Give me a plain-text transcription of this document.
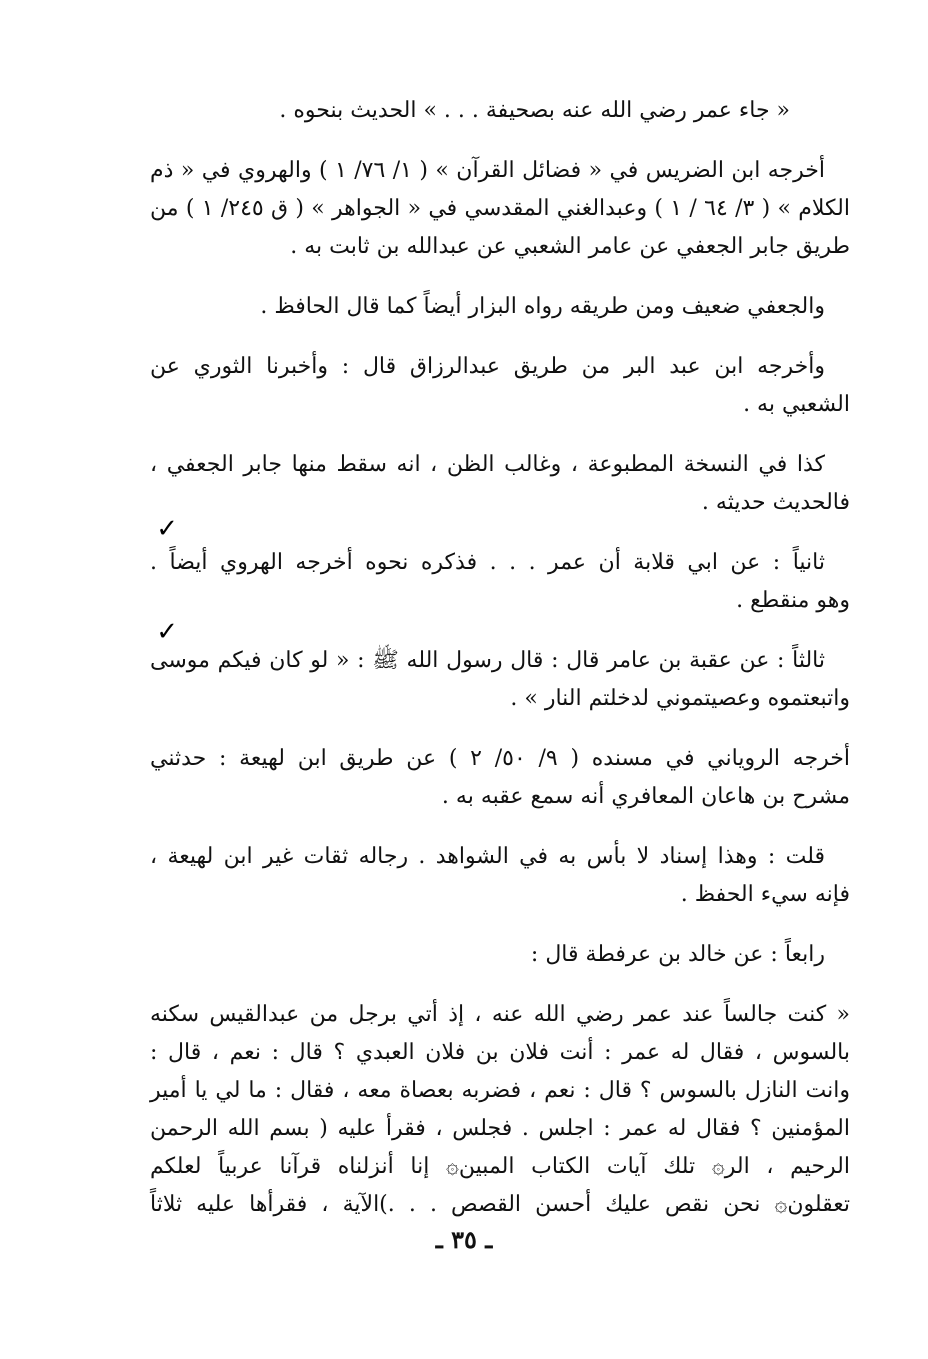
« جاء عمر رضي الله عنه بصحيفة . . . » الحديث بنحوه .
أخرجه ابن الضريس في « فضائل القرآن » ( ١/ ٧٦/ ١ ) والهروي في « ذم
الكلام » ( ٣/ ٦٤ / ١ ) وعبدالغني المقدسي في « الجواهر » ( ق ٢٤٥/ ١ ) من
طريق جابر الجعفي عن عامر الشعبي عن عبدالله بن ثابت به .
والجعفي ضعيف ومن طريقه رواه البزار أيضاً كما قال الحافظ .
وأخرجه ابن عبد البر من طريق عبدالرزاق قال : وأخبرنا الثوري عن
الشعبي به .
كذا في النسخة المطبوعة ، وغالب الظن ، انه سقط منها جابر الجعفي ،
فالحديث حديثه .
ثانياً : عن ابي قلابة أن عمر . . . فذكره نحوه أخرجه الهروي أيضاً .
وهو منقطع .
ثالثاً : عن عقبة بن عامر قال : قال رسول الله ﷺ : « لو كان فيكم موسى
واتبعتموه وعصيتموني لدخلتم النار » .
أخرجه الروياني في مسنده ( ٩/ ٥٠/ ٢ ) عن طريق ابن لهيعة : حدثني
مشرح بن هاعان المعافري أنه سمع عقبه به .
قلت : وهذا إسناد لا بأس به في الشواهد . رجاله ثقات غير ابن لهيعة ،
فإنه سيء الحفظ .
رابعاً : عن خالد بن عرفطة قال :
« كنت جالساً عند عمر رضي الله عنه ، إذ أتي برجل من عبدالقيس سكنه
بالسوس ، فقال له عمر : أنت فلان بن فلان العبدي ؟ قال : نعم ، قال :
وانت النازل بالسوس ؟ قال : نعم ، فضربه بعصاة معه ، فقال : ما لي يا أمير
المؤمنين ؟ فقال له عمر : اجلس . فجلس ، فقرأ عليه ( بسم الله الرحمن
الرحيم ، الر۞ تلك آيات الكتاب المبين۞ إنا أنزلناه قرآنا عربياً لعلكم
تعقلون۞ نحن نقص عليك أحسن القصص . . .)الآية ، فقرأها عليه ثلاثاً
✓
✓
ـ ٣٥ ـ
